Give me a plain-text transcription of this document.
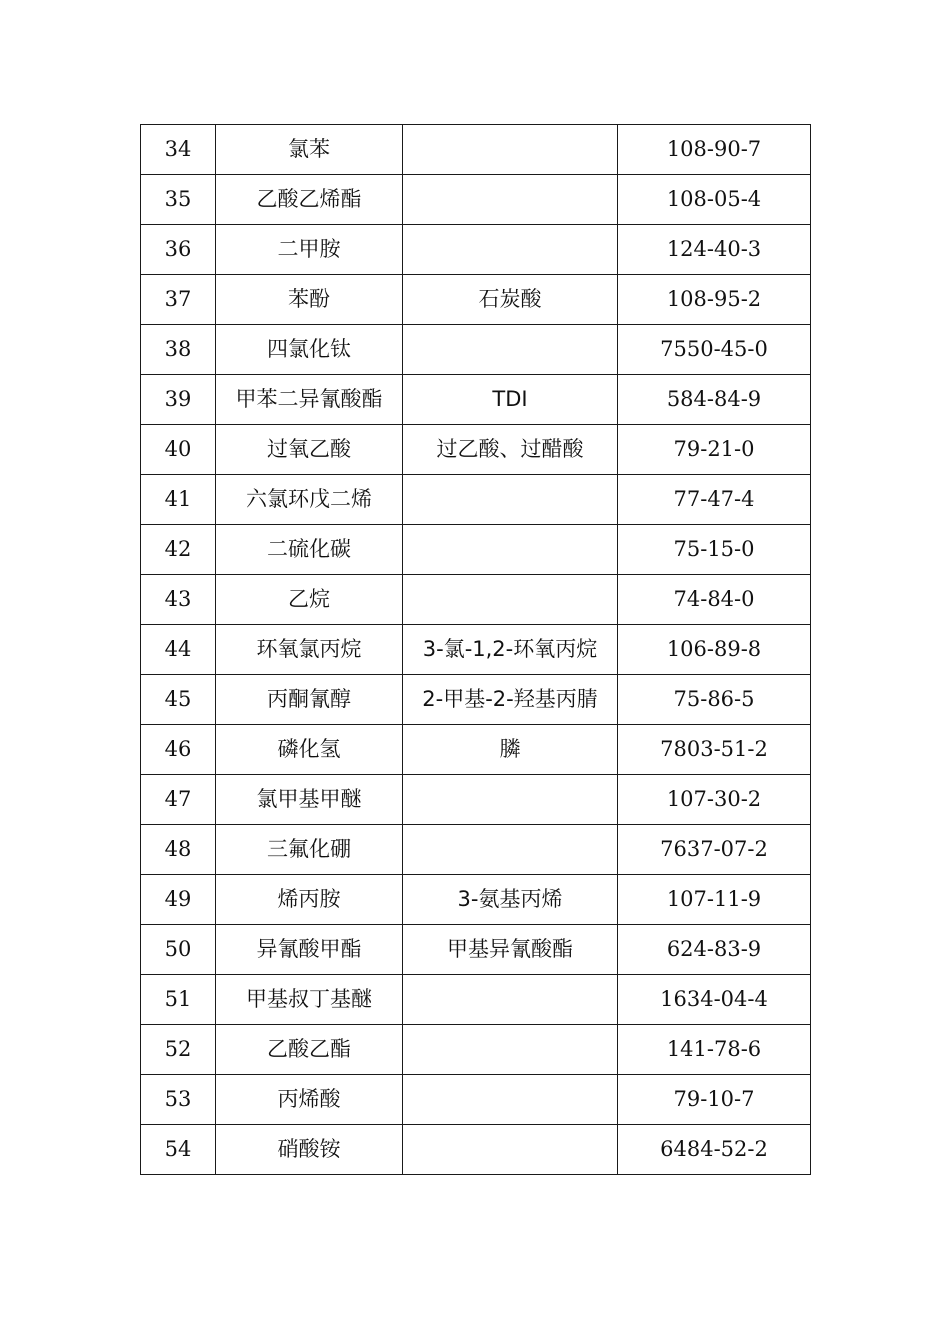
34	氯苯		108-90-7
35	乙酸乙烯酯		108-05-4
36	二甲胺		124-40-3
37	苯酚	石炭酸	108-95-2
38	四氯化钛		7550-45-0
39	甲苯二异氰酸酯	TDI	584-84-9
40	过氧乙酸	过乙酸、过醋酸	79-21-0
41	六氯环戊二烯		77-47-4
42	二硫化碳		75-15-0
43	乙烷		74-84-0
44	环氧氯丙烷	3-氯-1,2-环氧丙烷	106-89-8
45	丙酮氰醇	2-甲基-2-羟基丙腈	75-86-5
46	磷化氢	膦	7803-51-2
47	氯甲基甲醚		107-30-2
48	三氟化硼		7637-07-2
49	烯丙胺	3-氨基丙烯	107-11-9
50	异氰酸甲酯	甲基异氰酸酯	624-83-9
51	甲基叔丁基醚		1634-04-4
52	乙酸乙酯		141-78-6
53	丙烯酸		79-10-7
54	硝酸铵		6484-52-2
